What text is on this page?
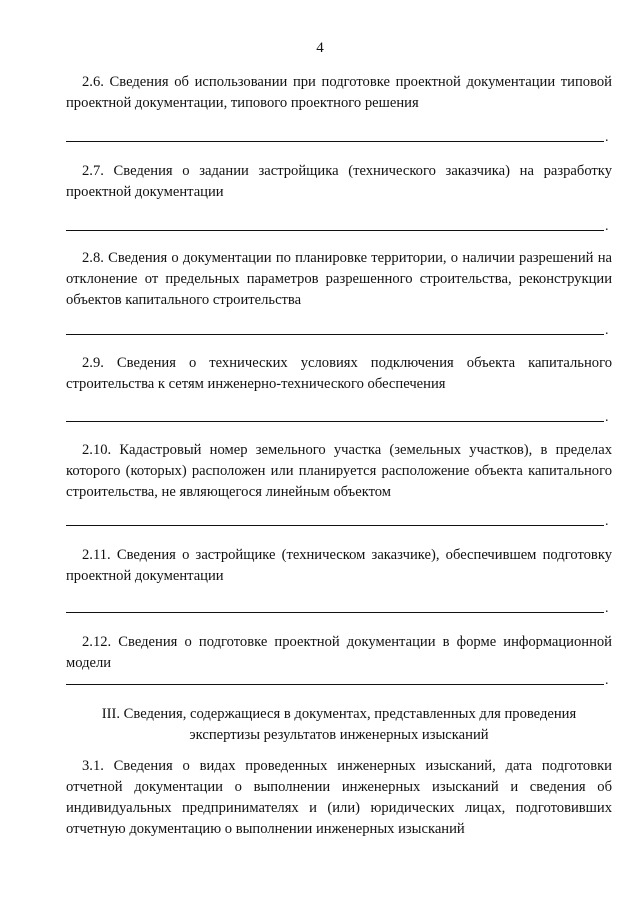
4
2.6. Сведения об использовании при подготовке проектной документации типовой проектной документации, типового проектного решения
.
2.7. Сведения о задании застройщика (технического заказчика) на разработку проектной документации
.
2.8. Сведения о документации по планировке территории, о наличии разрешений на отклонение от предельных параметров разрешенного строительства, реконструкции объектов капитального строительства
.
2.9. Сведения о технических условиях подключения объекта капитального строительства к сетям инженерно-технического обеспечения
.
2.10. Кадастровый номер земельного участка (земельных участков), в пределах которого (которых) расположен или планируется расположение объекта капитального строительства, не являющегося линейным объектом
.
2.11. Сведения о застройщике (техническом заказчике), обеспечившем подготовку проектной документации
.
2.12. Сведения о подготовке проектной документации в форме информационной модели
.
III. Сведения, содержащиеся в документах, представленных для проведения
экспертизы результатов инженерных изысканий
3.1. Сведения о видах проведенных инженерных изысканий, дата подготовки отчетной документации о выполнении инженерных изысканий и сведения об индивидуальных предпринимателях и (или) юридических лицах, подготовивших отчетную документацию о выполнении инженерных изысканий
